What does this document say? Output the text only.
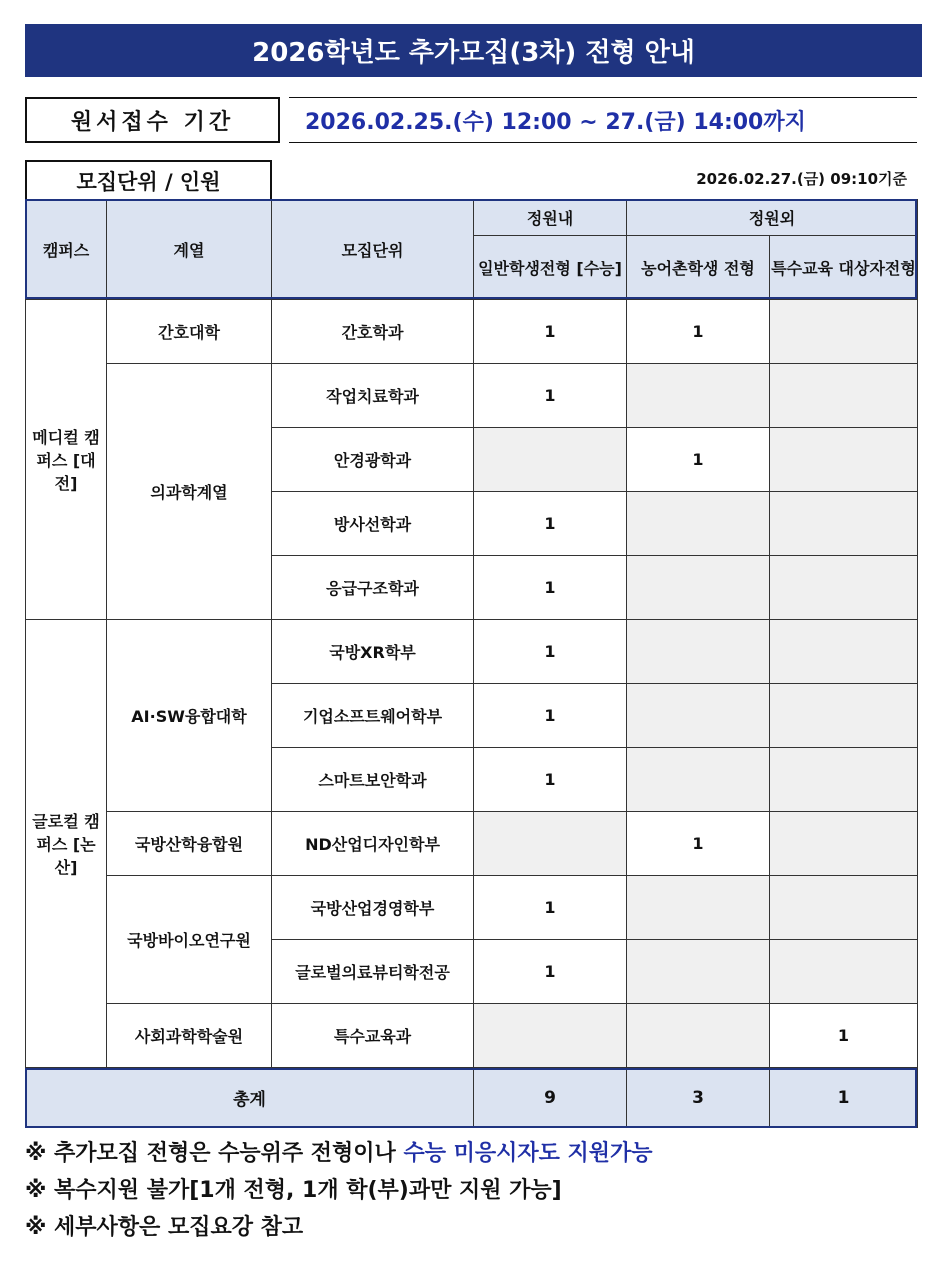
2026학년도 추가모집(3차) 전형 안내
원서접수 기간	2026.02.25.(수) 12:00 ~ 27.(금) 14:00까지
모집단위 / 인원	2026.02.27.(금) 09:10기준
캠퍼스	계열	모집단위	정원내	정원외	
			일반학생전형 [수능]	농어촌학생 전형	특수교육 대상자전형
메디컬 캠퍼스 [대전]	간호대학	간호학과	1	1	
	의과학계열	작업치료학과	1		
		안경광학과		1	
		방사선학과	1		
		응급구조학과	1		
글로컬 캠퍼스 [논산]	AI·SW융합대학	국방XR학부	1		
		기업소프트웨어학부	1		
		스마트보안학과	1		
	국방산학융합원	ND산업디자인학부		1	
	국방바이오연구원	국방산업경영학부	1		
		글로벌의료뷰티학전공	1		
	사회과학학술원	특수교육과			1
총계			9	3	1
※ 추가모집 전형은 수능위주 전형이나 수능 미응시자도 지원가능
※ 복수지원 불가[1개 전형, 1개 학(부)과만 지원 가능]
※ 세부사항은 모집요강 참고
